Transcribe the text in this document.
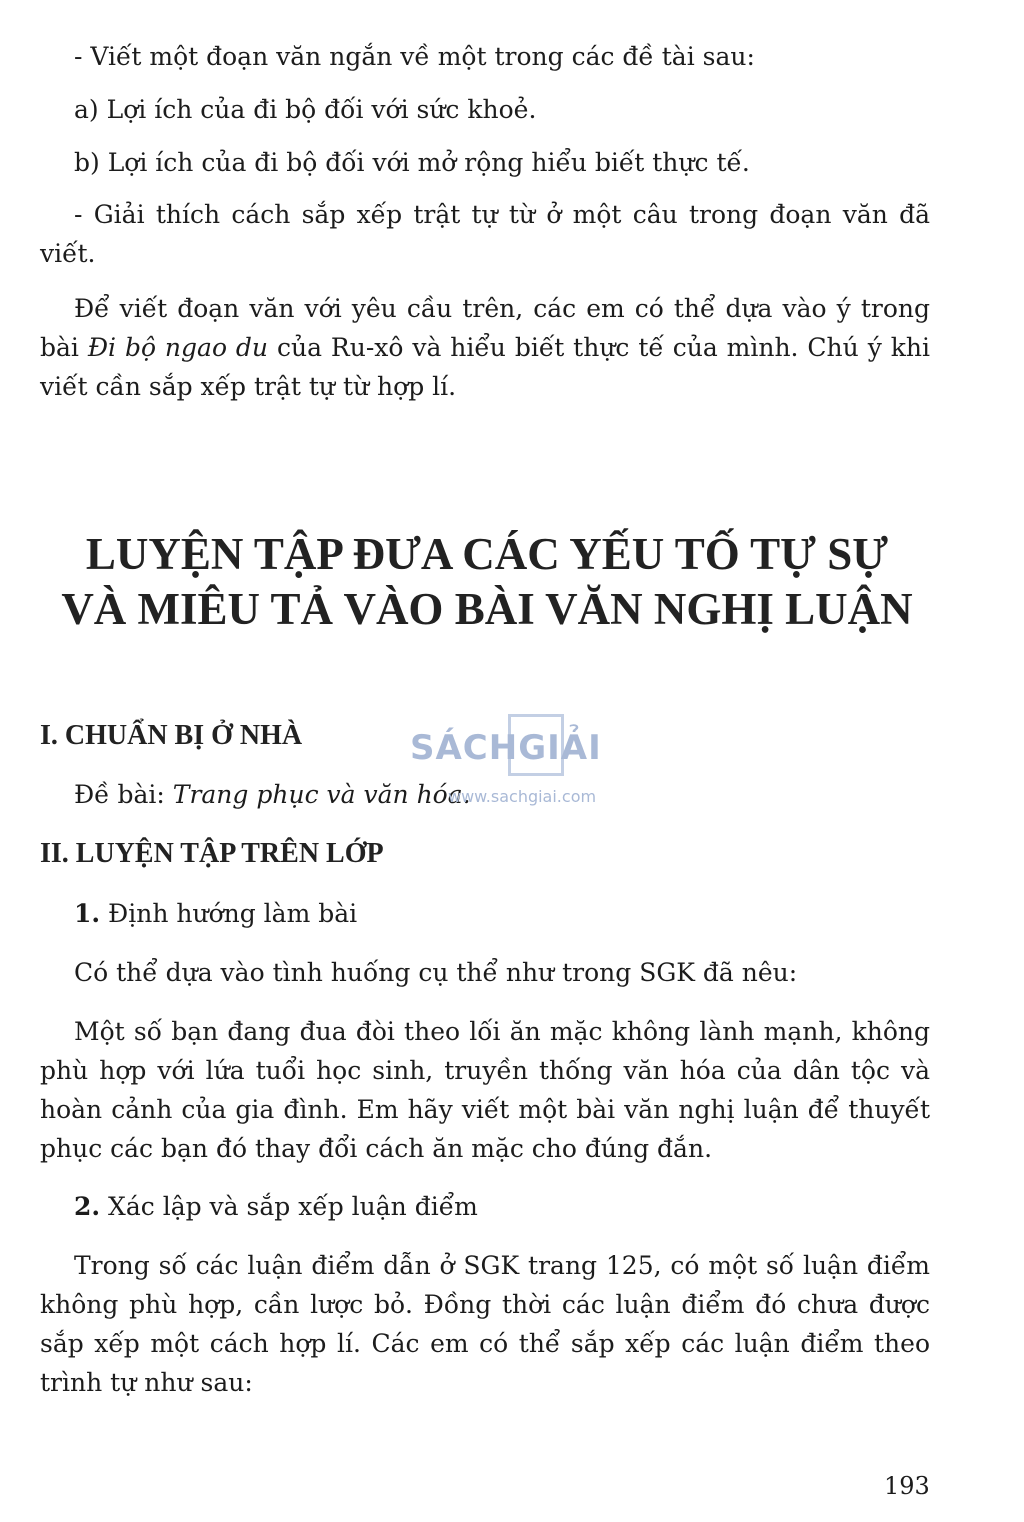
- Viết một đoạn văn ngắn về một trong các đề tài sau:

a) Lợi ích của đi bộ đối với sức khoẻ.

b) Lợi ích của đi bộ đối với mở rộng hiểu biết thực tế.

- Giải thích cách sắp xếp trật tự từ ở một câu trong đoạn văn đã viết.

Để viết đoạn văn với yêu cầu trên, các em có thể dựa vào ý trong bài Đi bộ ngao du của Ru-xô và hiểu biết thực tế của mình. Chú ý khi viết cần sắp xếp trật tự từ hợp lí.

LUYỆN TẬP ĐƯA CÁC YẾU TỐ TỰ SỰ
VÀ MIÊU TẢ VÀO BÀI VĂN NGHỊ LUẬN
I. CHUẨN BỊ Ở NHÀ

Đề bài: Trang phục và văn hóa.

II. LUYỆN TẬP TRÊN LỚP

1. Định hướng làm bài

Có thể dựa vào tình huống cụ thể như trong SGK đã nêu:

Một số bạn đang đua đòi theo lối ăn mặc không lành mạnh, không phù hợp với lứa tuổi học sinh, truyền thống văn hóa của dân tộc và hoàn cảnh của gia đình. Em hãy viết một bài văn nghị luận để thuyết phục các bạn đó thay đổi cách ăn mặc cho đúng đắn.

2. Xác lập và sắp xếp luận điểm

Trong số các luận điểm dẫn ở SGK trang 125, có một số luận điểm không phù hợp, cần lược bỏ. Đồng thời các luận điểm đó chưa được sắp xếp một cách hợp lí. Các em có thể sắp xếp các luận điểm theo trình tự như sau:

SÁCHGIẢI
www.sachgiai.com

193
